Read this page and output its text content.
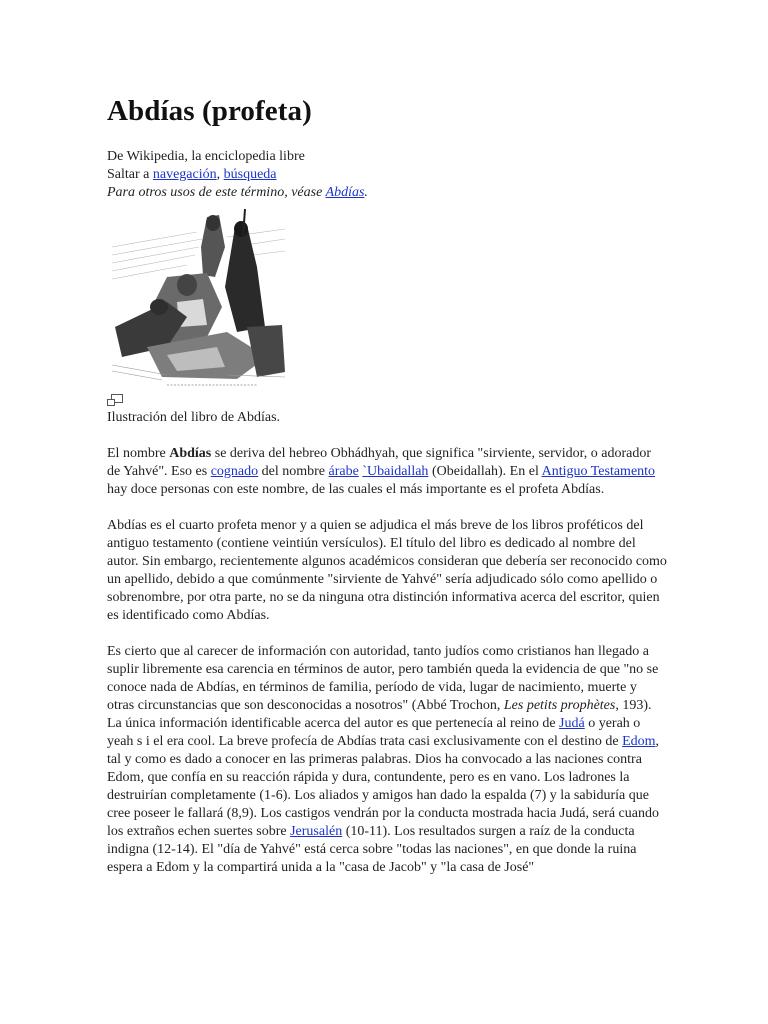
Abdías (profeta)
De Wikipedia, la enciclopedia libre
Saltar a navegación, búsqueda
Para otros usos de este término, véase Abdías.
Ilustración del libro de Abdías.

El nombre Abdías se deriva del hebreo Obhádhyah, que significa "sirviente, servidor, o adorador de Yahvé". Eso es cognado del nombre árabe `Ubaidallah (Obeidallah). En el Antiguo Testamento hay doce personas con este nombre, de las cuales el más importante es el profeta Abdías.

Abdías es el cuarto profeta menor y a quien se adjudica el más breve de los libros proféticos del antiguo testamento (contiene veintiún versículos). El título del libro es dedicado al nombre del autor. Sin embargo, recientemente algunos académicos consideran que debería ser reconocido como un apellido, debido a que comúnmente "sirviente de Yahvé" sería adjudicado sólo como apellido o sobrenombre, por otra parte, no se da ninguna otra distinción informativa acerca del escritor, quien es identificado como Abdías.

Es cierto que al carecer de información con autoridad, tanto judíos como cristianos han llegado a suplir libremente esa carencia en términos de autor, pero también queda la evidencia de que "no se conoce nada de Abdías, en términos de familia, período de vida, lugar de nacimiento, muerte y otras circunstancias que son desconocidas a nosotros" (Abbé Trochon, Les petits prophètes, 193). La única información identificable acerca del autor es que pertenecía al reino de Judá o yerah o yeah s i el era cool. La breve profecía de Abdías trata casi exclusivamente con el destino de Edom, tal y como es dado a conocer en las primeras palabras. Dios ha convocado a las naciones contra Edom, que confía en su reacción rápida y dura, contundente, pero es en vano. Los ladrones la destruirían completamente (1-6). Los aliados y amigos han dado la espalda (7) y la sabiduría que cree poseer le fallará (8,9). Los castigos vendrán por la conducta mostrada hacia Judá, será cuando los extraños echen suertes sobre Jerusalén (10-11). Los resultados surgen a raíz de la conducta indigna (12-14). El "día de Yahvé" está cerca sobre "todas las naciones", en que donde la ruina espera a Edom y la compartirá unida a la "casa de Jacob" y "la casa de José"
